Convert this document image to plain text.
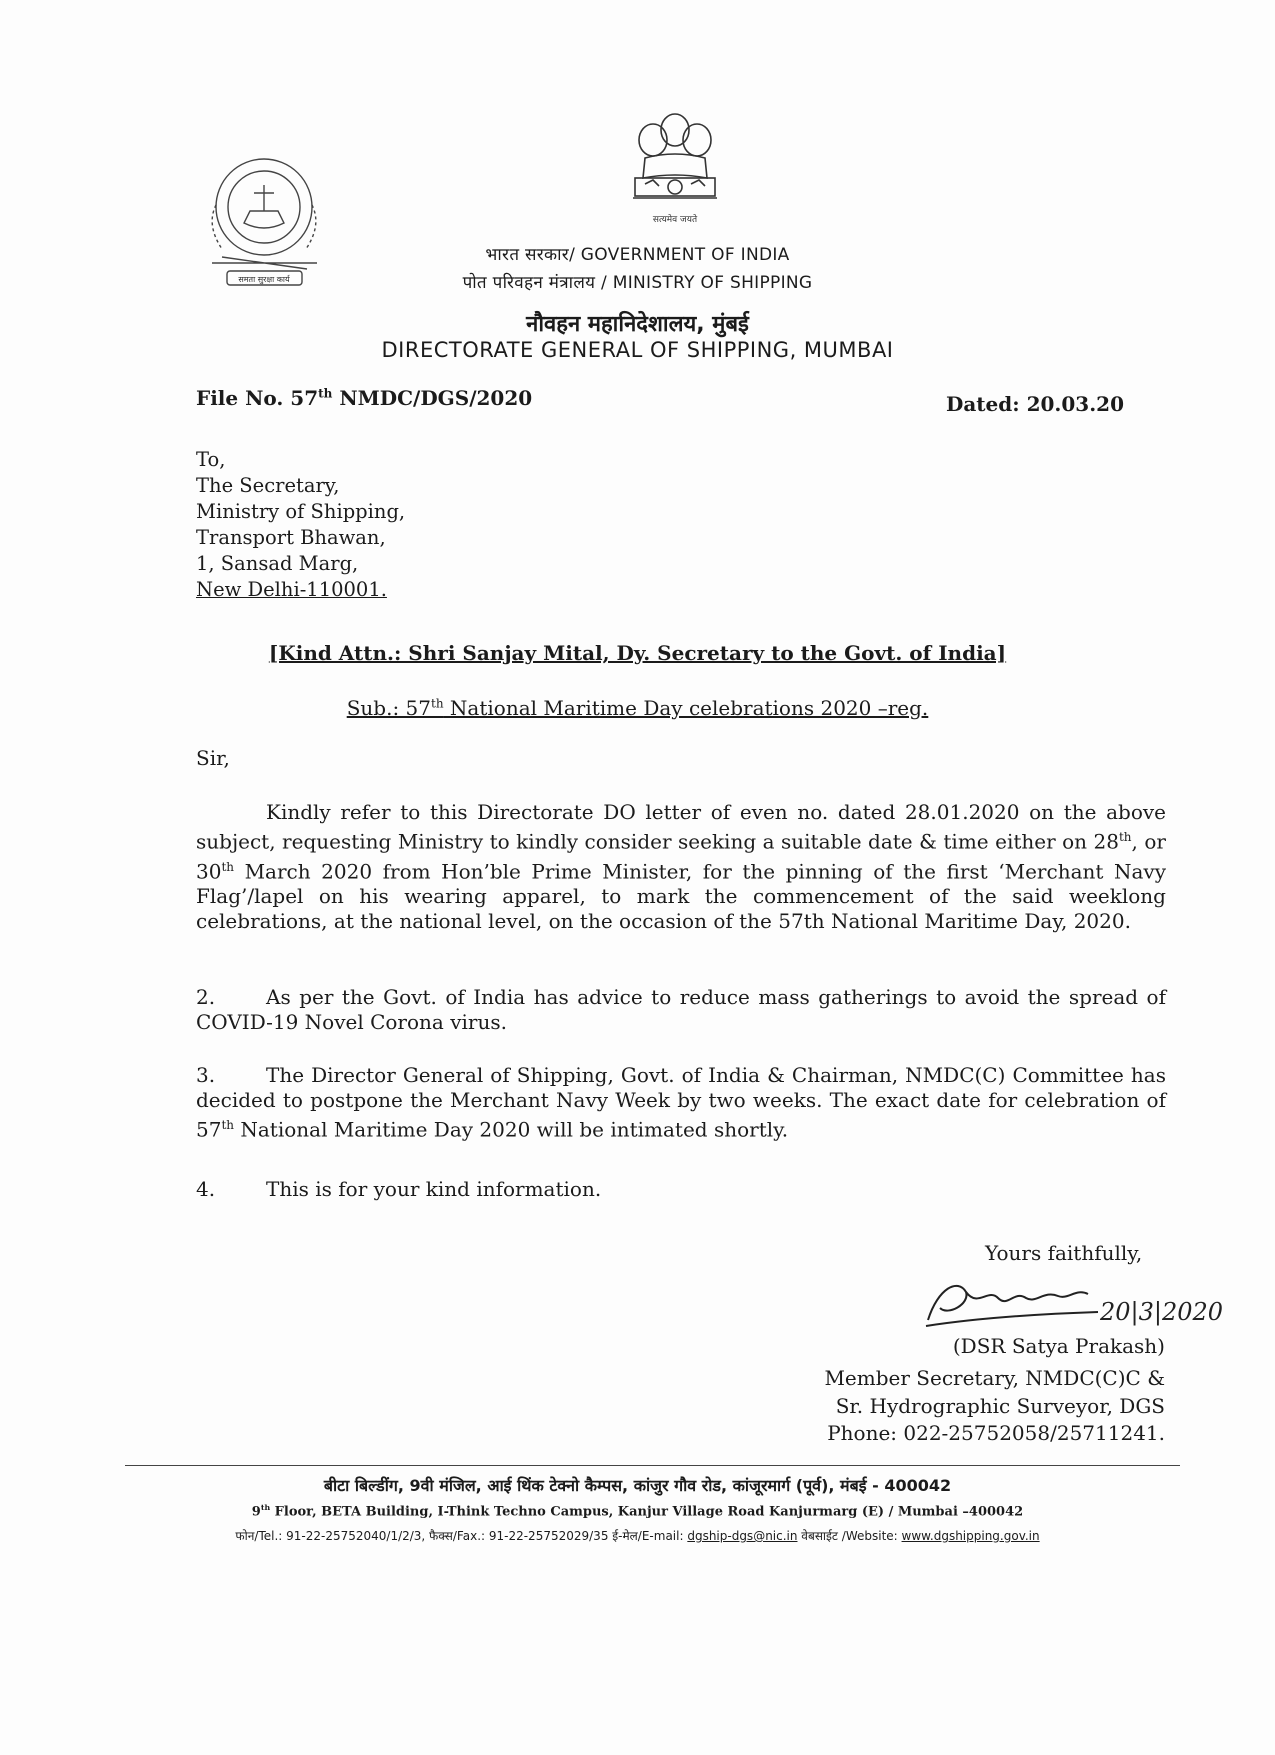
सत्यमेव जयते
समता सुरक्षा कार्य
भारत सरकार/ GOVERNMENT OF INDIA
पोत परिवहन मंत्रालय / MINISTRY OF SHIPPING
नौवहन महानिदेशालय, मुंबई
DIRECTORATE GENERAL OF SHIPPING, MUMBAI
File No. 57th NMDC/DGS/2020	Dated: 20.03.20
To,
The Secretary,
Ministry of Shipping,
Transport Bhawan,
1, Sansad Marg,
New Delhi-110001.
[Kind Attn.: Shri Sanjay Mital, Dy. Secretary to the Govt. of India]
Sub.: 57th National Maritime Day celebrations 2020 –reg.
Sir,
Kindly refer to this Directorate DO letter of even no. dated 28.01.2020 on the above subject, requesting Ministry to kindly consider seeking a suitable date & time either on 28th, or 30th March 2020 from Hon’ble Prime Minister, for the pinning of the first ‘Merchant Navy Flag’/lapel on his wearing apparel, to mark the commencement of the said weeklong celebrations, at the national level, on the occasion of the 57th National Maritime Day, 2020.
2.	As per the Govt. of India has advice to reduce mass gatherings to avoid the spread of COVID-19 Novel Corona virus.
3.	The Director General of Shipping, Govt. of India & Chairman, NMDC(C) Committee has decided to postpone the Merchant Navy Week by two weeks. The exact date for celebration of 57th National Maritime Day 2020 will be intimated shortly.
4.	This is for your kind information.
Yours faithfully,
20|3|2020
(DSR Satya Prakash)
Member Secretary, NMDC(C)C &
Sr. Hydrographic Surveyor, DGS
Phone: 022-25752058/25711241.
बीटा बिल्डींग, 9वी मंजिल, आई थिंक टेक्नो कैम्पस, कांजुर गौव रोड, कांजूरमार्ग (पूर्व), मंबई - 400042
9th Floor, BETA Building, I-Think Techno Campus, Kanjur Village Road Kanjurmarg (E) / Mumbai –400042
फोन/Tel.: 91-22-25752040/1/2/3, फैक्स/Fax.: 91-22-25752029/35 ई-मेल/E-mail: dgship-dgs@nic.in वेबसाईट /Website: www.dgshipping.gov.in
